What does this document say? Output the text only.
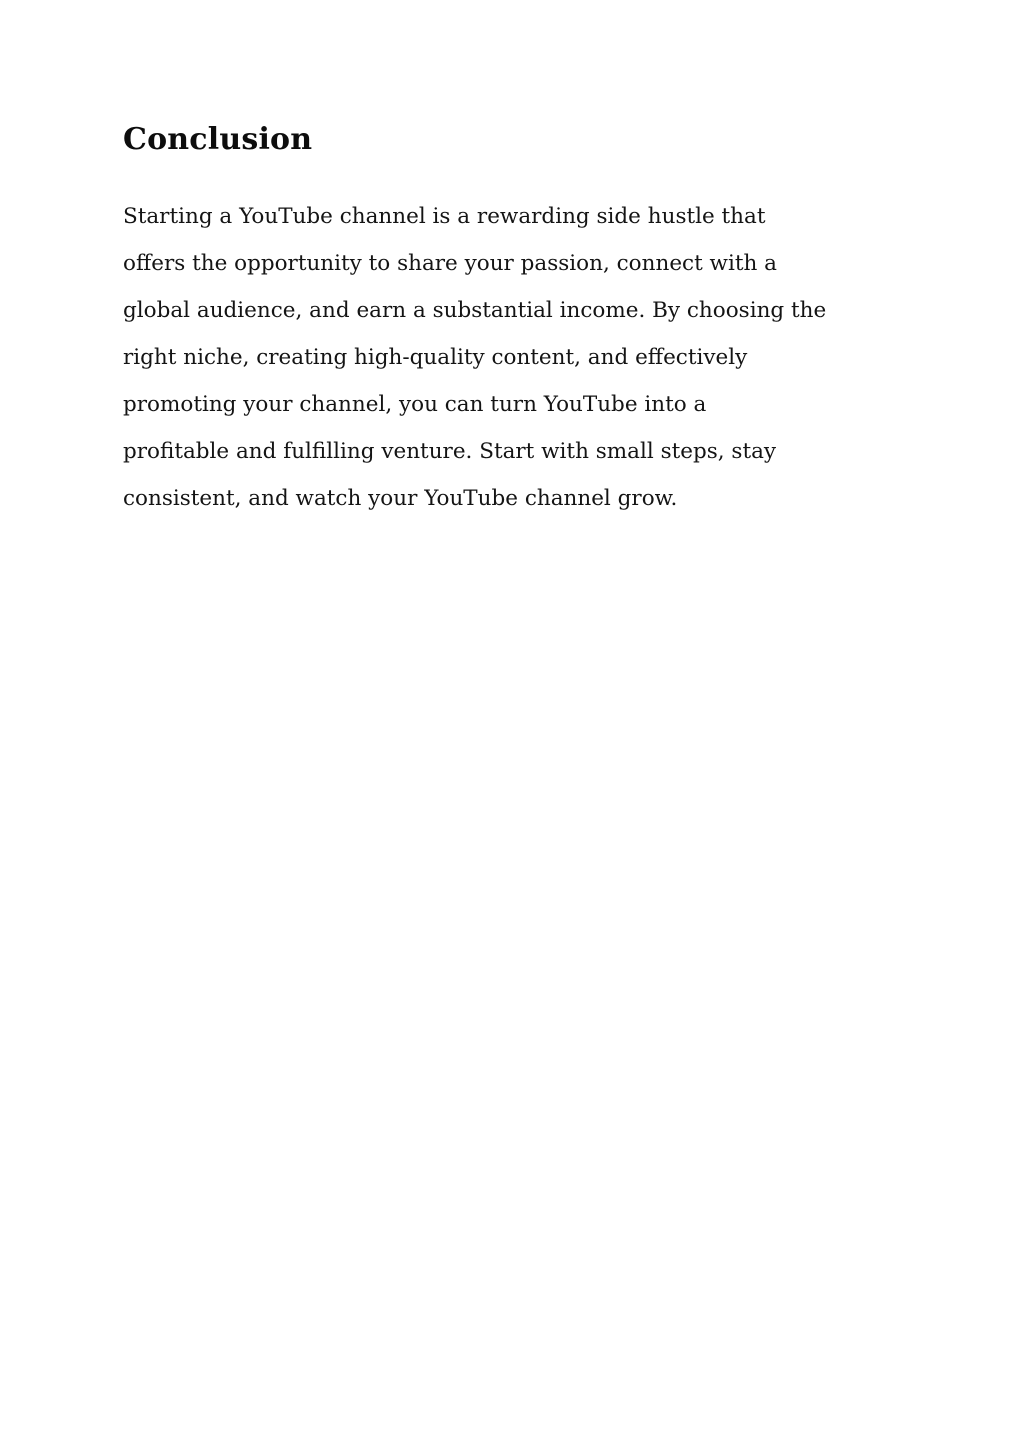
Conclusion
Starting a YouTube channel is a rewarding side hustle that
offers the opportunity to share your passion, connect with a
global audience, and earn a substantial income. By choosing the
right niche, creating high-quality content, and effectively
promoting your channel, you can turn YouTube into a
profitable and fulfilling venture. Start with small steps, stay
consistent, and watch your YouTube channel grow.
